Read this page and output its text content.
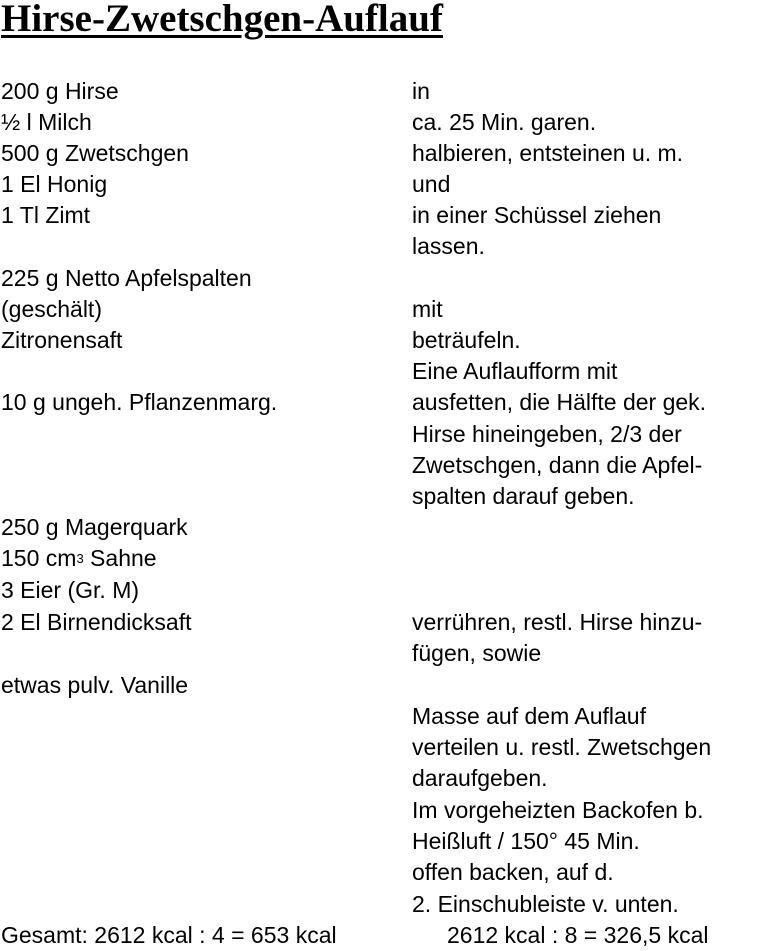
Hirse-Zwetschgen-Auflauf
200 g Hirse
½ l Milch
500 g Zwetschgen
1 El Honig
1 Tl Zimt
225 g Netto Apfelspalten
(geschält)
Zitronensaft
10 g ungeh. Pflanzenmarg.
250 g Magerquark
150 $cm^3$ Sahne
3 Eier (Gr. M)
2 El Birnendicksaft
etwas pulv. Vanille
in
ca. 25 Min. garen.
halbieren, entsteinen u. m.
und
in einer Schüssel ziehen
lassen.
mit
beträufeln.
Eine Auflaufform mit
ausfetten, die Hälfte der gek.
Hirse hineingeben, 2/3 der
Zwetschgen, dann die Apfel-
spalten darauf geben.
verrühren, restl. Hirse hinzu-
fügen, sowie
Masse auf dem Auflauf
verteilen u. restl. Zwetschgen
daraufgeben.
Im vorgeheizten Backofen b.
Heißluft / 150° 45 Min.
offen backen, auf d.
2. Einschubleiste v. unten.
Gesamt: 2612 kcal : 4 = 653 kcal	2612 kcal : 8 = 326,5 kcal
